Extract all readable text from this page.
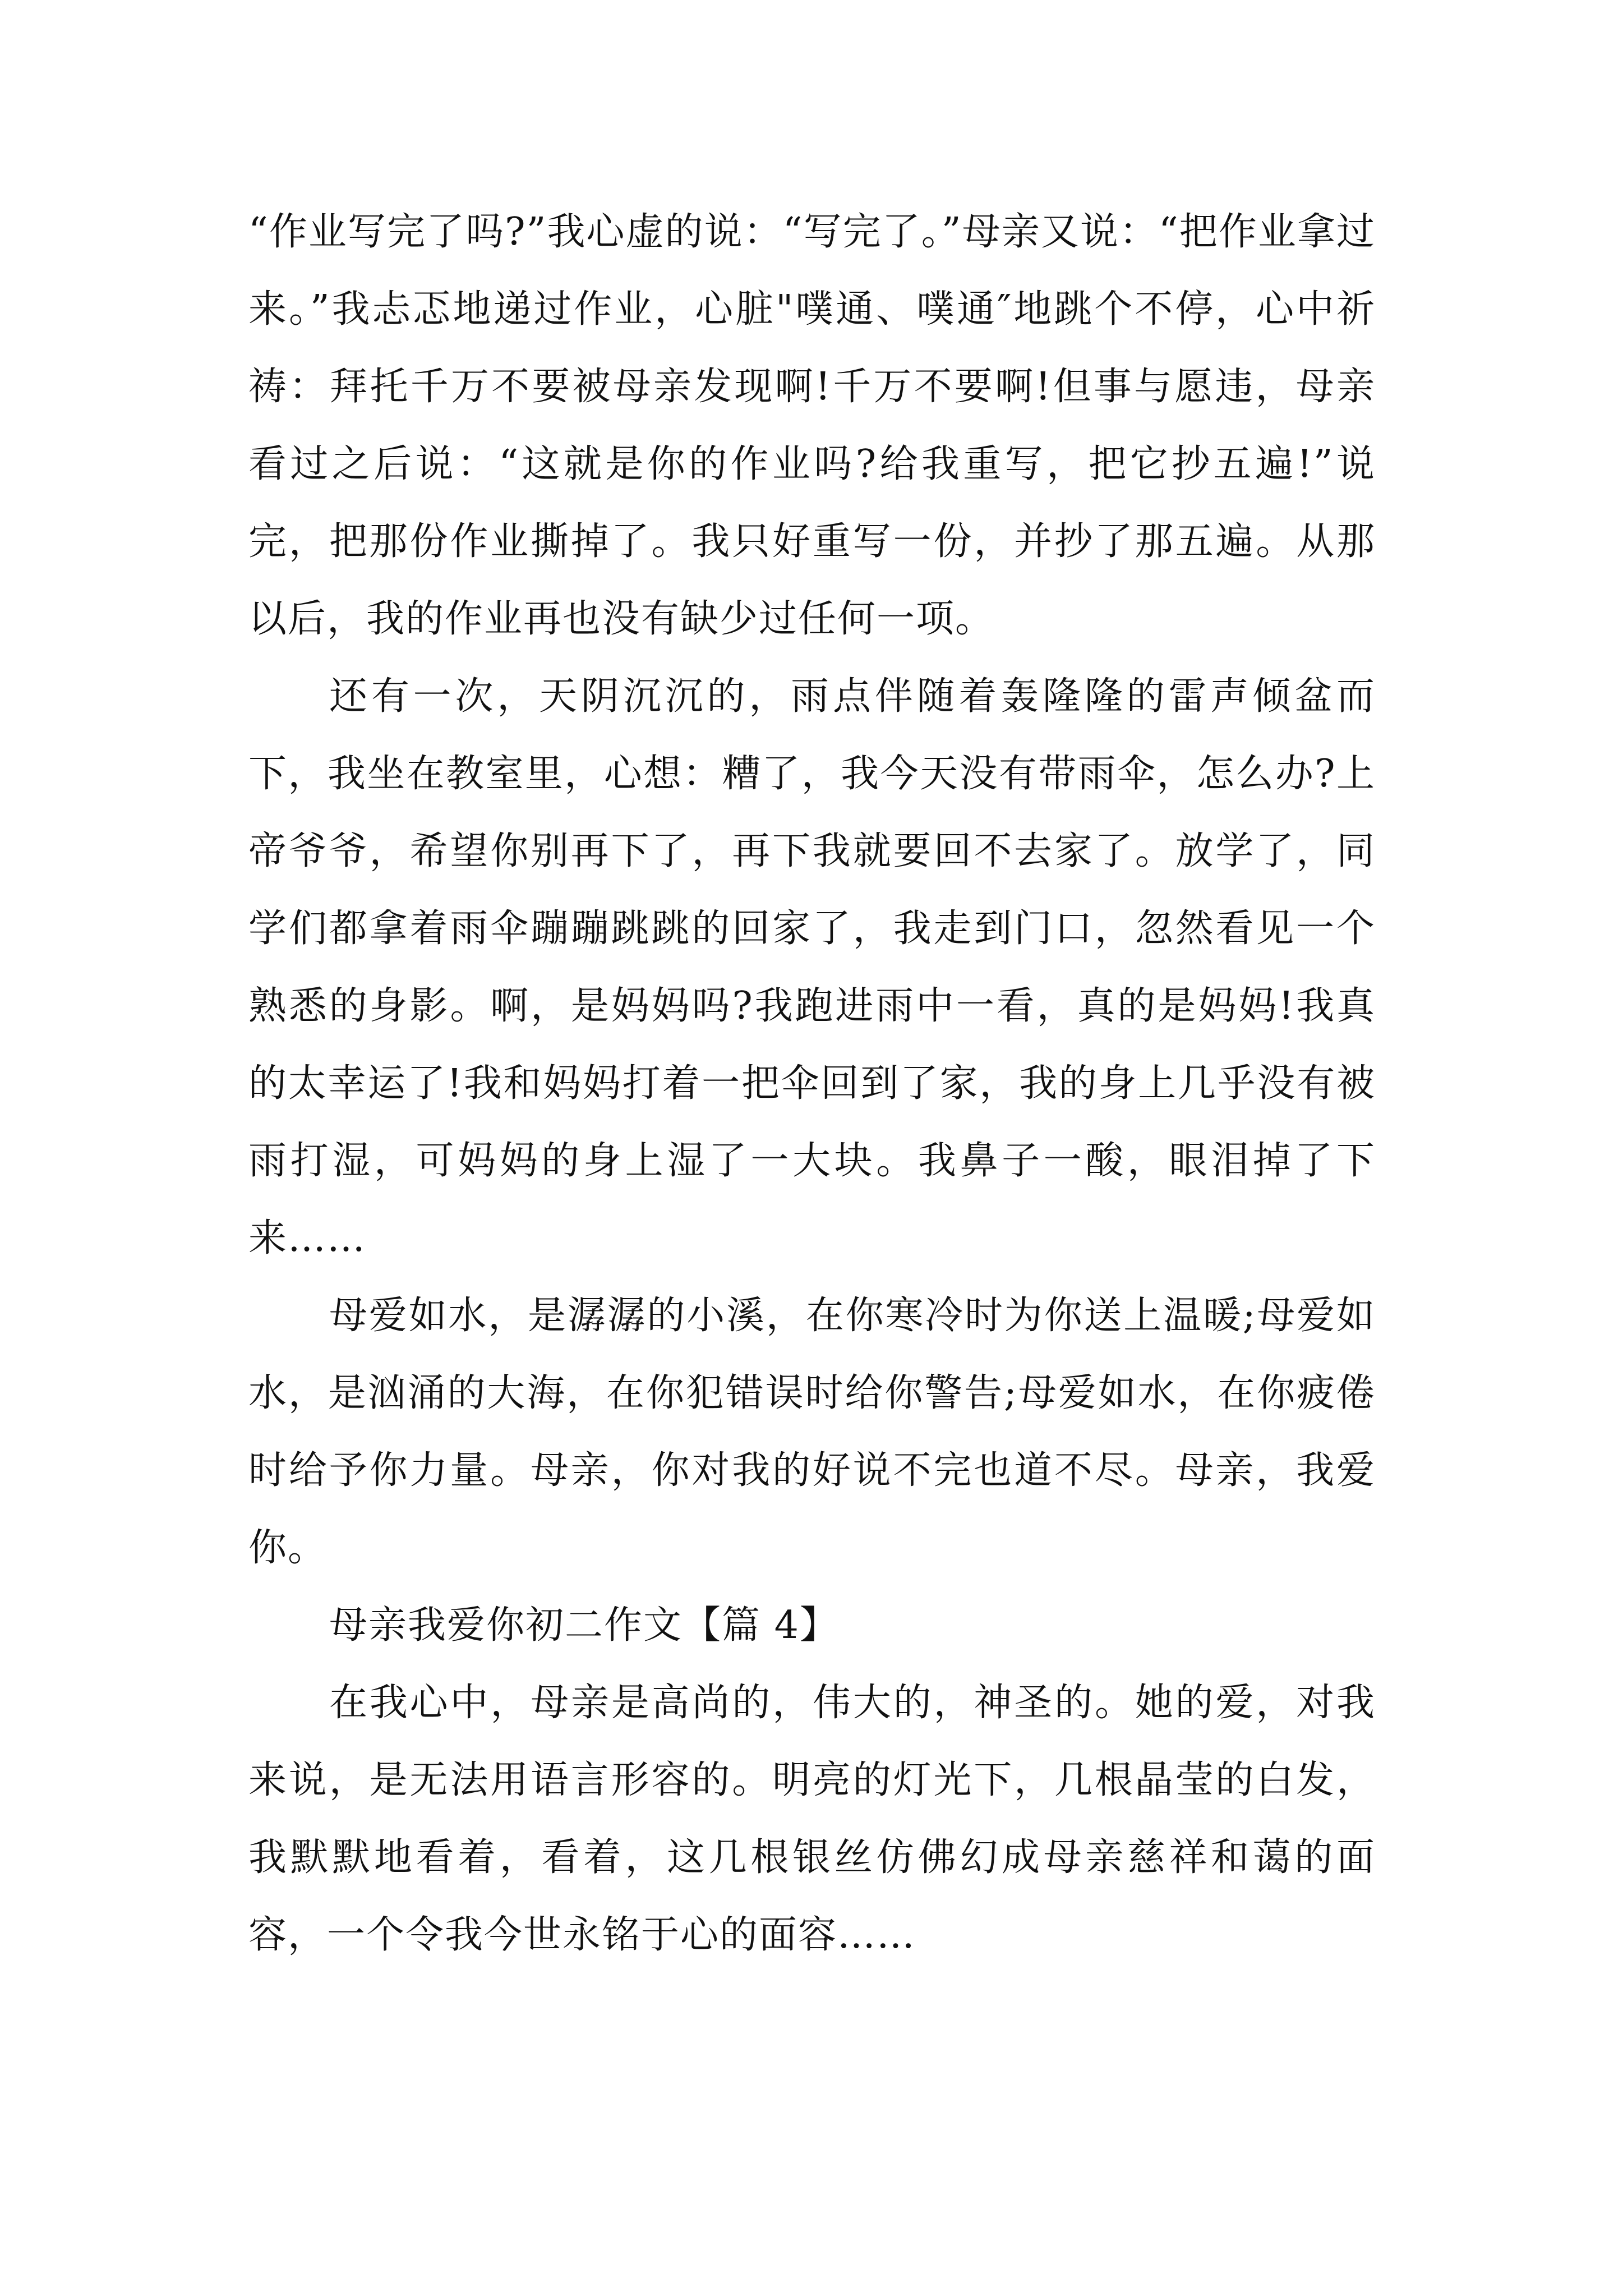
“作业写完了吗?”我心虚的说：“写完了。”母亲又说：“把作业拿过来。”我忐忑地递过作业，心脏"噗通、噗通″地跳个不停，心中祈祷：拜托千万不要被母亲发现啊!千万不要啊!但事与愿违，母亲看过之后说：“这就是你的作业吗?给我重写，把它抄五遍!”说完，把那份作业撕掉了。我只好重写一份，并抄了那五遍。从那以后，我的作业再也没有缺少过任何一项。

还有一次，天阴沉沉的，雨点伴随着轰隆隆的雷声倾盆而下，我坐在教室里，心想：糟了，我今天没有带雨伞，怎么办?上帝爷爷，希望你别再下了，再下我就要回不去家了。放学了，同学们都拿着雨伞蹦蹦跳跳的回家了，我走到门口，忽然看见一个熟悉的身影。啊，是妈妈吗?我跑进雨中一看，真的是妈妈!我真的太幸运了!我和妈妈打着一把伞回到了家，我的身上几乎没有被雨打湿，可妈妈的身上湿了一大块。我鼻子一酸，眼泪掉了下来……

母爱如水，是潺潺的小溪，在你寒冷时为你送上温暖;母爱如水，是汹涌的大海，在你犯错误时给你警告;母爱如水，在你疲倦时给予你力量。母亲，你对我的好说不完也道不尽。母亲，我爱你。

母亲我爱你初二作文【篇 4】

在我心中，母亲是高尚的，伟大的，神圣的。她的爱，对我来说，是无法用语言形容的。明亮的灯光下，几根晶莹的白发，我默默地看着，看着，这几根银丝仿佛幻成母亲慈祥和蔼的面容，一个令我今世永铭于心的面容……
